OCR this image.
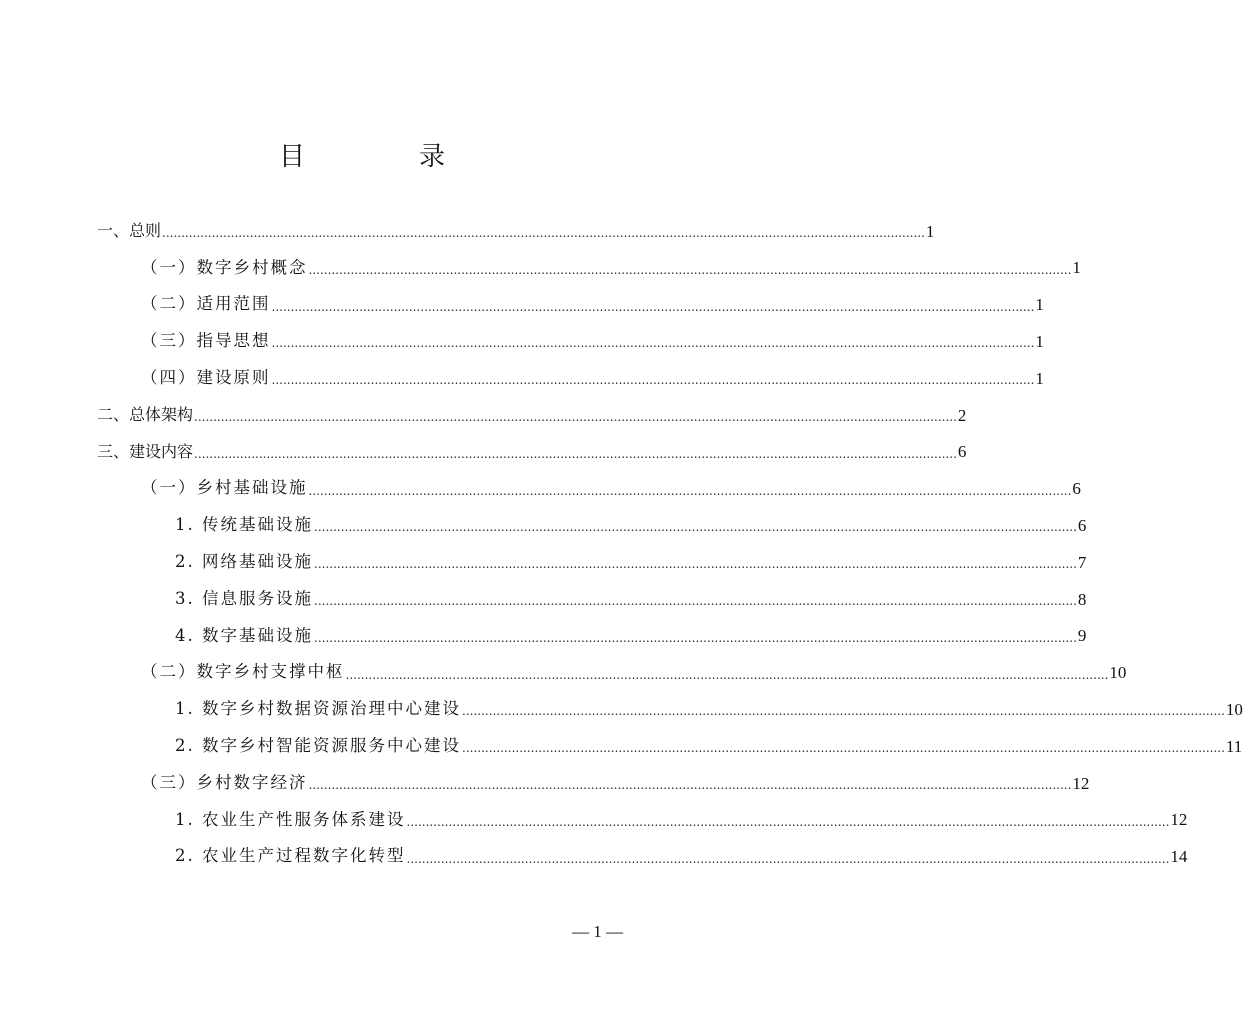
目　录
一、总则 ........................................................................................................................................................................................................ 1
（一）数字乡村概念 ........................................................................................................................................................................................................ 1
（二）适用范围 ........................................................................................................................................................................................................ 1
（三）指导思想 ........................................................................................................................................................................................................ 1
（四）建设原则 ........................................................................................................................................................................................................ 1
二、总体架构 ........................................................................................................................................................................................................ 2
三、建设内容 ........................................................................................................................................................................................................ 6
（一）乡村基础设施 ........................................................................................................................................................................................................ 6
1. 传统基础设施 ........................................................................................................................................................................................................ 6
2. 网络基础设施 ........................................................................................................................................................................................................ 7
3. 信息服务设施 ........................................................................................................................................................................................................ 8
4. 数字基础设施 ........................................................................................................................................................................................................ 9
（二）数字乡村支撑中枢 ........................................................................................................................................................................................................ 10
1. 数字乡村数据资源治理中心建设 ........................................................................................................................................................................................................ 10
2. 数字乡村智能资源服务中心建设 ........................................................................................................................................................................................................ 11
（三）乡村数字经济 ........................................................................................................................................................................................................ 12
1. 农业生产性服务体系建设 ........................................................................................................................................................................................................ 12
2. 农业生产过程数字化转型 ........................................................................................................................................................................................................ 14
— 1 —
